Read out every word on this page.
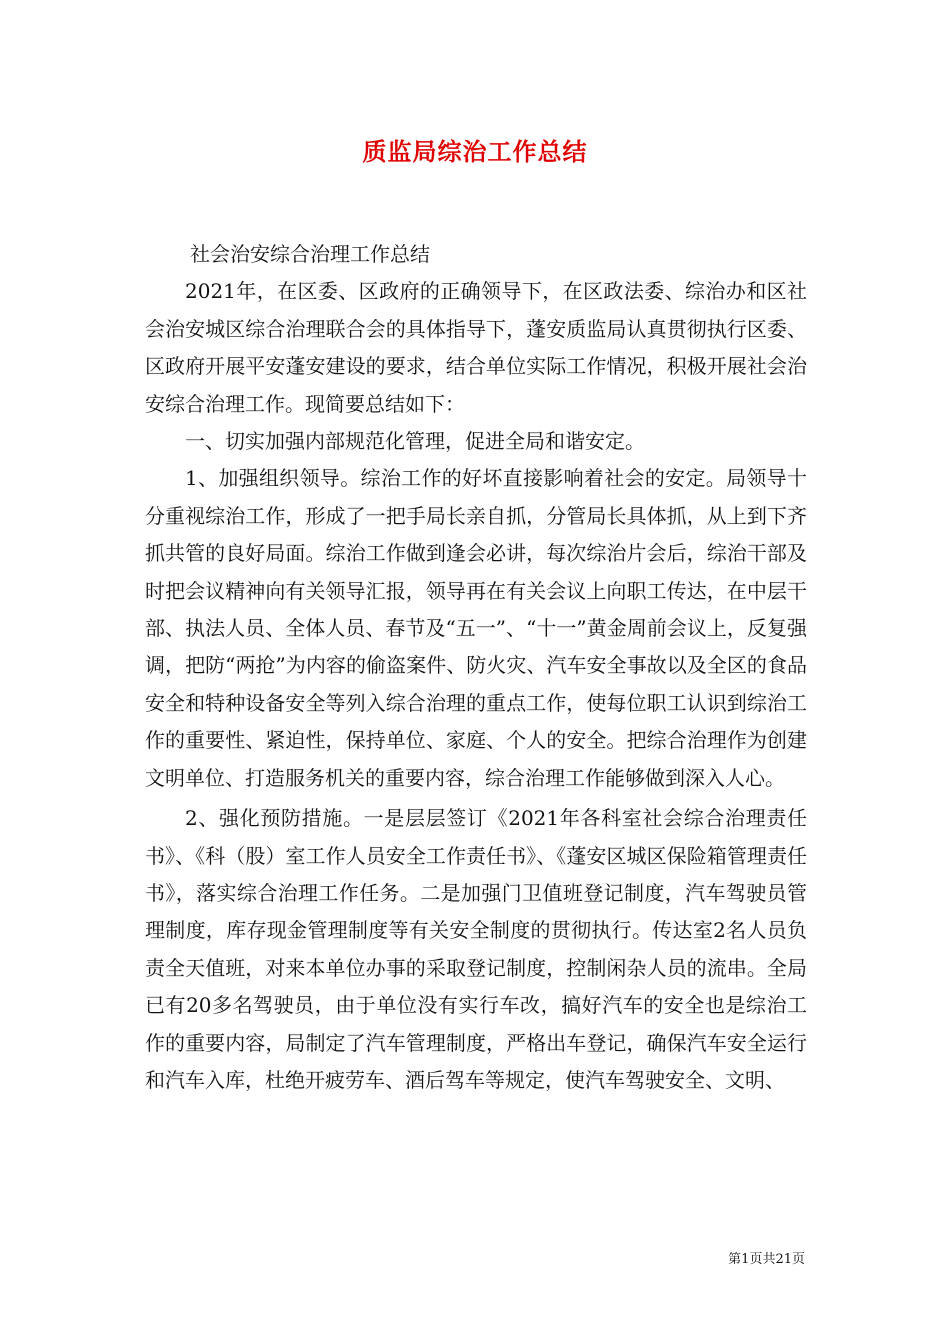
质监局综治工作总结

社会治安综合治理工作总结

2021年，在区委、区政府的正确领导下，在区政法委、综治办和区社会治安城区综合治理联合会的具体指导下，蓬安质监局认真贯彻执行区委、区政府开展平安蓬安建设的要求，结合单位实际工作情况，积极开展社会治安综合治理工作。现简要总结如下：

一、切实加强内部规范化管理，促进全局和谐安定。

1、加强组织领导。综治工作的好坏直接影响着社会的安定。局领导十分重视综治工作，形成了一把手局长亲自抓，分管局长具体抓，从上到下齐抓共管的良好局面。综治工作做到逢会必讲，每次综治片会后，综治干部及时把会议精神向有关领导汇报，领导再在有关会议上向职工传达，在中层干部、执法人员、全体人员、春节及“五一”、“十一”黄金周前会议上，反复强调，把防“两抢”为内容的偷盗案件、防火灾、汽车安全事故以及全区的食品安全和特种设备安全等列入综合治理的重点工作，使每位职工认识到综治工作的重要性、紧迫性，保持单位、家庭、个人的安全。把综合治理作为创建文明单位、打造服务机关的重要内容，综合治理工作能够做到深入人心。

2、强化预防措施。一是层层签订《2021年各科室社会综合治理责任书》、《科（股）室工作人员安全工作责任书》、《蓬安区城区保险箱管理责任书》，落实综合治理工作任务。二是加强门卫值班登记制度，汽车驾驶员管理制度，库存现金管理制度等有关安全制度的贯彻执行。传达室2名人员负责全天值班，对来本单位办事的采取登记制度，控制闲杂人员的流串。全局已有20多名驾驶员，由于单位没有实行车改，搞好汽车的安全也是综治工作的重要内容，局制定了汽车管理制度，严格出车登记，确保汽车安全运行和汽车入库，杜绝开疲劳车、酒后驾车等规定，使汽车驾驶安全、文明、

第1页共21页
